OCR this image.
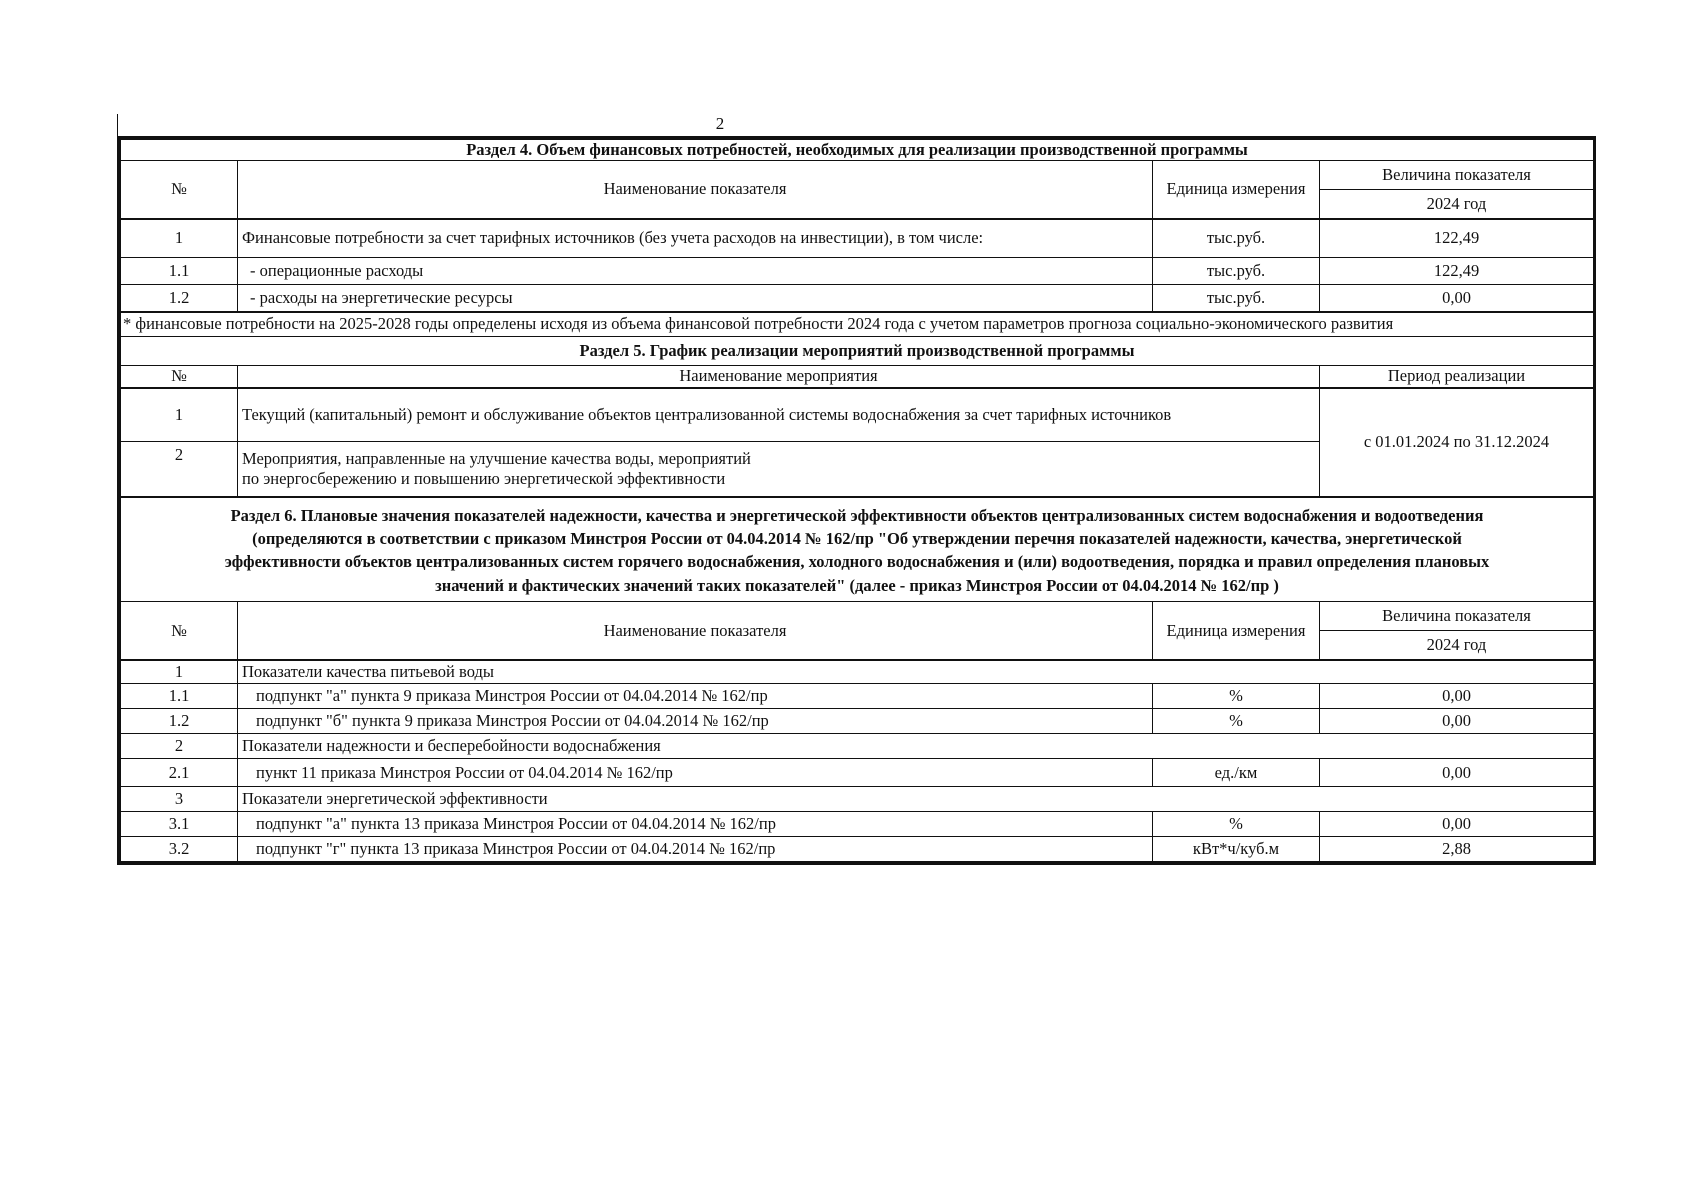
2
Раздел 4. Объем финансовых потребностей, необходимых для реализации производственной программы			
№	Наименование показателя	Единица измерения	Величина показателя
			2024 год
1	Финансовые потребности за счет тарифных источников (без учета расходов на инвестиции), в том числе:	тыс.руб.	122,49
1.1	- операционные расходы	тыс.руб.	122,49
1.2	- расходы на энергетические ресурсы	тыс.руб.	0,00
* финансовые потребности на 2025-2028 годы определены исходя из объема финансовой потребности 2024 года с учетом параметров прогноза социально-экономического развития			
Раздел 5. График реализации мероприятий производственной программы			
№	Наименование мероприятия		Период реализации
1	Текущий (капитальный) ремонт и обслуживание объектов централизованной системы водоснабжения за счет тарифных источников		с 01.01.2024 по 31.12.2024
2	Мероприятия, направленные на улучшение качества воды, мероприятий
по энергосбережению и повышению энергетической эффективности		

Раздел 6. Плановые значения показателей надежности, качества и энергетической эффективности объектов централизованных систем водоснабжения и водоотведения
(определяются в соответствии с приказом Минстроя России от 04.04.2014 № 162/пр "Об утверждении перечня показателей надежности, качества, энергетической
эффективности объектов централизованных систем горячего водоснабжения, холодного водоснабжения и (или) водоотведения, порядка и правил определения плановых
значений и фактических значений таких показателей" (далее - приказ Минстроя России от 04.04.2014 № 162/пр )			

№	Наименование показателя	Единица измерения	Величина показателя
			2024 год
1	Показатели качества питьевой воды		
1.1	подпункт "а" пункта 9 приказа Минстроя России от 04.04.2014 № 162/пр	%	0,00
1.2	подпункт "б" пункта 9 приказа Минстроя России от 04.04.2014 № 162/пр	%	0,00
2	Показатели надежности и бесперебойности водоснабжения		
2.1	пункт 11 приказа Минстроя России от 04.04.2014 № 162/пр	ед./км	0,00
3	Показатели энергетической эффективности		
3.1	подпункт "а" пункта 13 приказа Минстроя России от 04.04.2014 № 162/пр	%	0,00
3.2	подпункт "г" пункта 13 приказа Минстроя России от 04.04.2014 № 162/пр	кВт*ч/куб.м	2,88
